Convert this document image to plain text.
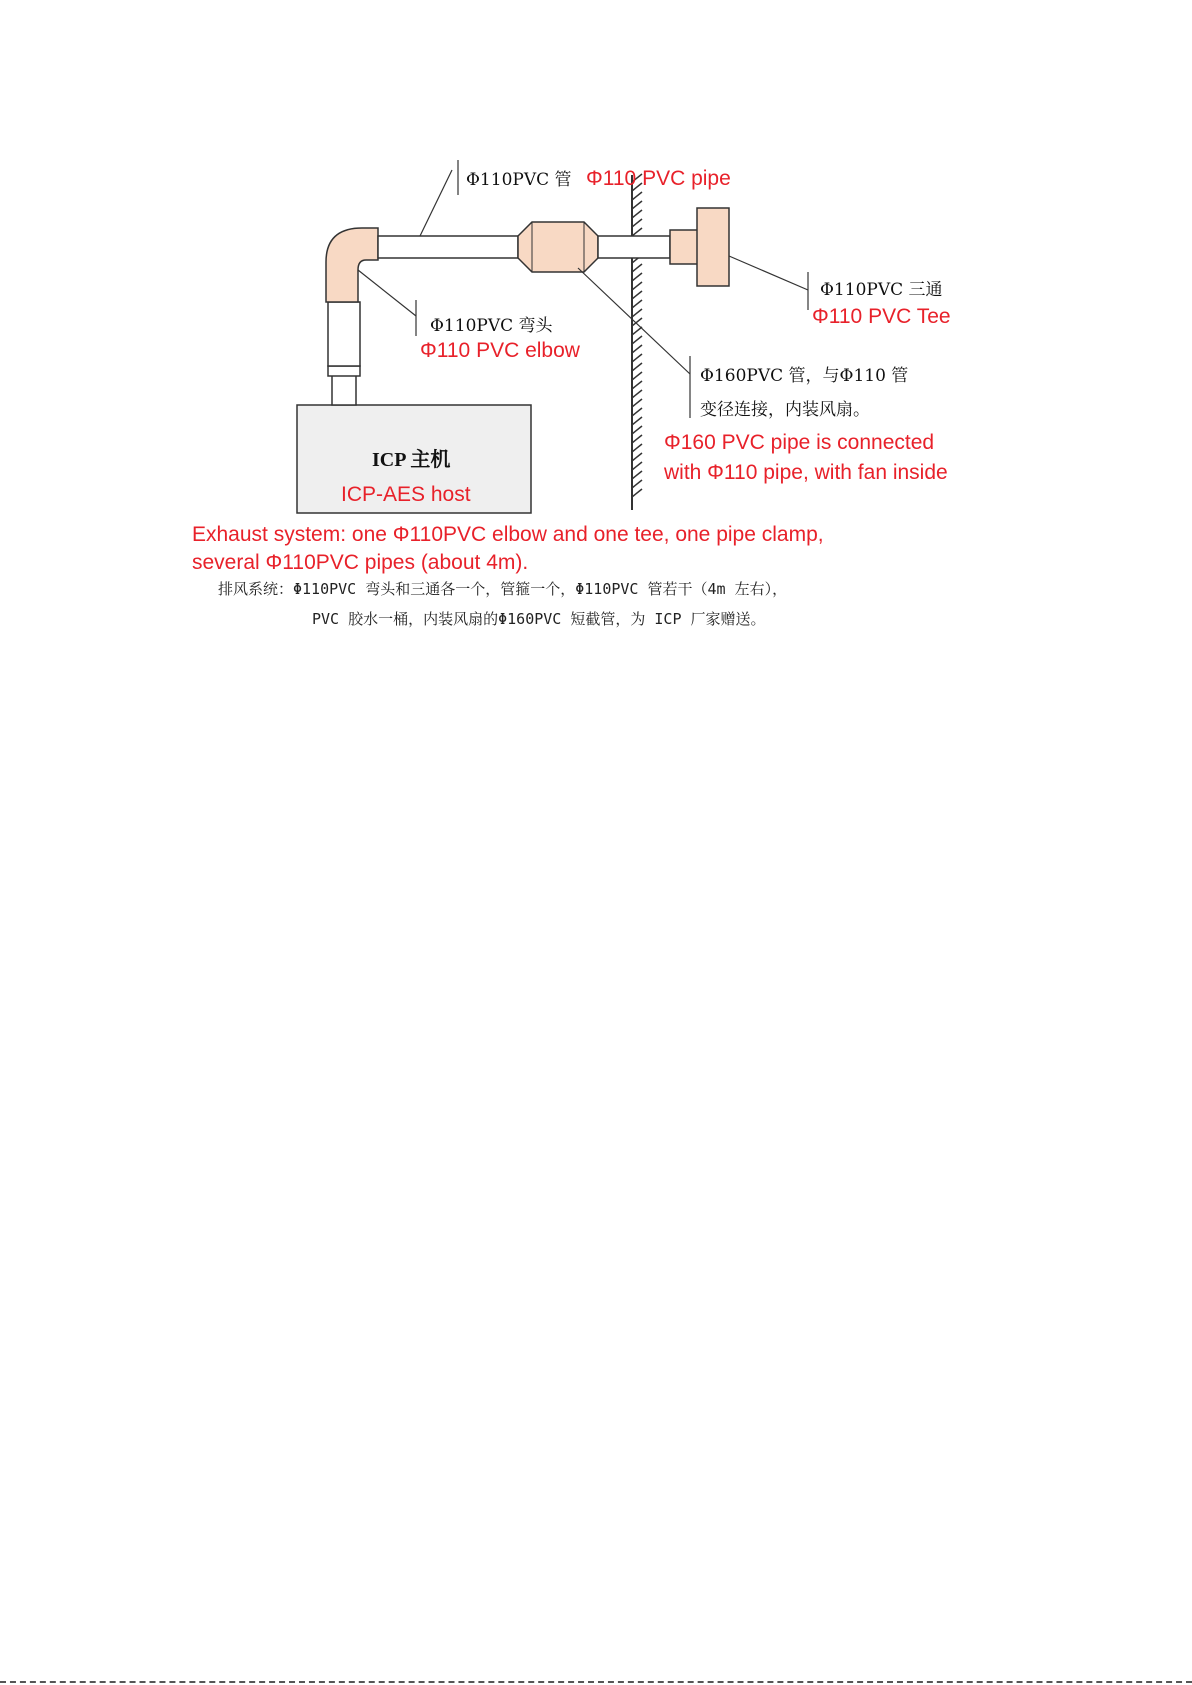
Φ110PVC 管 Φ110 PVC pipe
Φ110PVC 弯头
Φ110 PVC elbow
Φ110PVC 三通
Φ110 PVC Tee
Φ160PVC 管，与Φ110 管
变径连接，内装风扇。
Φ160 PVC pipe is connected
with Φ110 pipe, with fan inside
ICP 主机
ICP-AES host
Exhaust system: one Φ110PVC elbow and one tee, one pipe clamp,
several Φ110PVC pipes (about 4m).
排风系统：Φ110PVC 弯头和三通各一个，管箍一个，Φ110PVC 管若干（4m 左右），
PVC 胶水一桶，内装风扇的Φ160PVC 短截管，为 ICP 厂家赠送。
